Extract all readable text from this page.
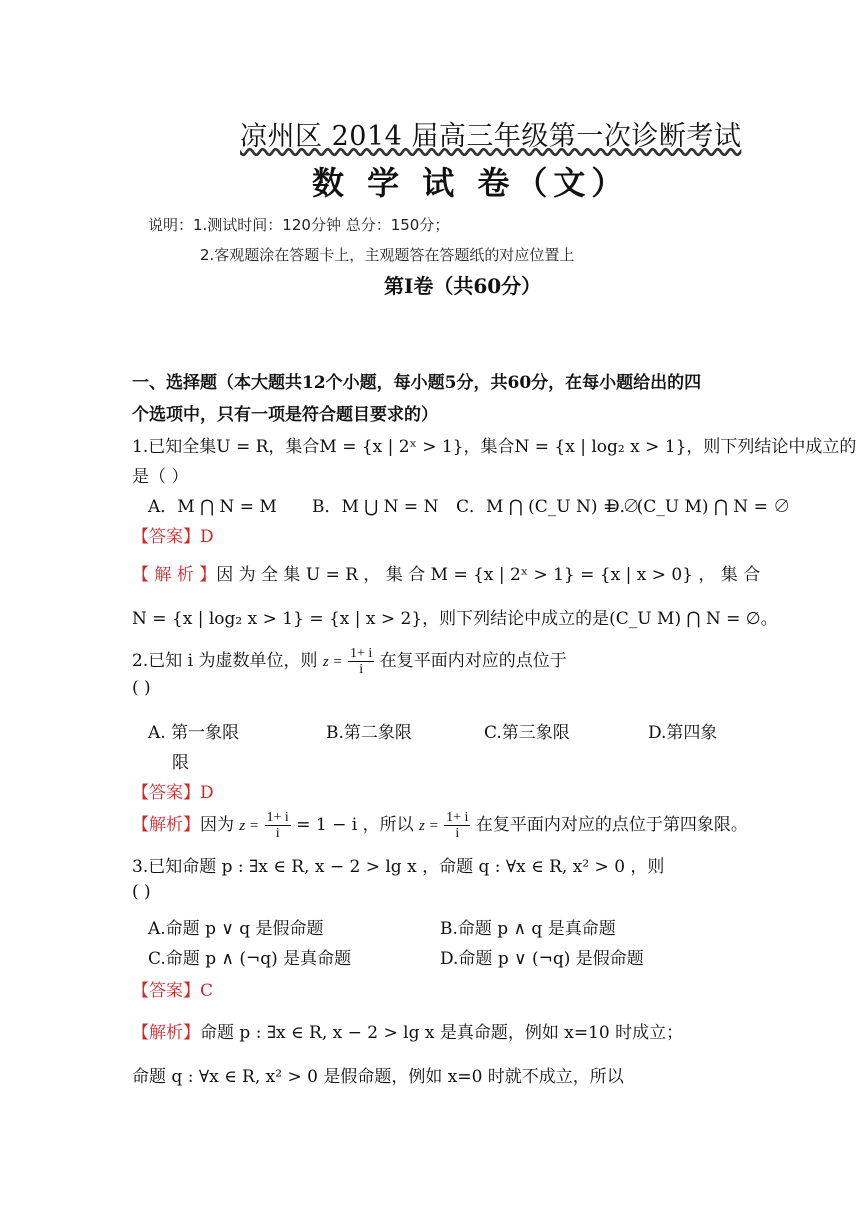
凉州区 2014 届高三年级第一次诊断考试
数 学 试 卷（文）
说明：1.测试时间：120分钟 总分：150分；
2.客观题涂在答题卡上，主观题答在答题纸的对应位置上
第Ⅰ卷（共60分）
一、选择题（本大题共12个小题，每小题5分，共60分，在每小题给出的四
个选项中，只有一项是符合题目要求的）
1.已知全集U = R，集合M = {x | 2ˣ > 1}，集合N = {x | log₂ x > 1}，则下列结论中成立的
是（ ）
A．M ⋂ N = M B．M ⋃ N = N C．M ⋂ (C_U N) = ∅
D．(C_U M) ⋂ N = ∅
【答案】D
【 解 析 】因 为 全 集 U = R ， 集 合 M = {x | 2ˣ > 1} = {x | x > 0} ， 集 合
N = {x | log₂ x > 1} = {x | x > 2}，则下列结论中成立的是(C_U M) ⋂ N = ∅。
2.已知 i 为虚数单位，则 $z = \frac{1+ i}{i}$ 在复平面内对应的点位于
( )
A. 第一象限	B.第二象限	C.第三象限	D.第四象
限
【答案】D
【解析】因为 $z = \frac{1+ i}{i} = 1 - i$ ，所以 $z = \frac{1+ i}{i}$ 在复平面内对应的点位于第四象限。
3.已知命题 p : ∃x ∈ R, x − 2 > lg x ，命题 q : ∀x ∈ R, x² > 0 ，则
( )
A.命题 p ∨ q 是假命题	B.命题 p ∧ q 是真命题
C.命题 p ∧ (¬q) 是真命题	D.命题 p ∨ (¬q) 是假命题
【答案】C
【解析】命题 p : ∃x ∈ R, x − 2 > lg x 是真命题，例如 x=10 时成立；
命题 q : ∀x ∈ R, x² > 0 是假命题，例如 x=0 时就不成立，所以
